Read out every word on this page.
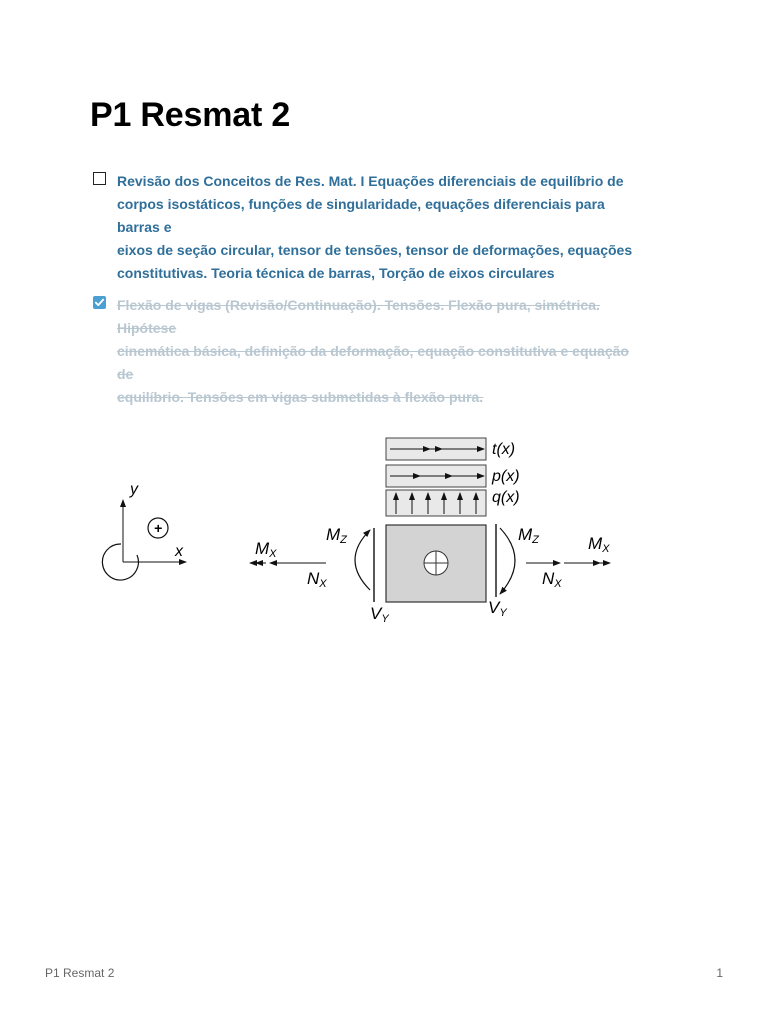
P1 Resmat 2
Revisão dos Conceitos de Res. Mat. I Equações diferenciais de equilíbrio de
corpos isostáticos, funções de singularidade, equações diferenciais para
barras e
eixos de seção circular, tensor de tensões, tensor de deformações, equações
constitutivas. Teoria técnica de barras, Torção de eixos circulares
Flexão de vigas (Revisão/Continuação). Tensões. Flexão pura, simétrica.
Hipótese
cinemática básica, definição da deformação, equação constitutiva e equação
de
equilíbrio. Tensões em vigas submetidas à flexão pura.
y
x
+
t(x)
p(x)
q(x)
MZ	MZ
MX
MX
NX	NX
VY
VY
P1 Resmat 2	1
